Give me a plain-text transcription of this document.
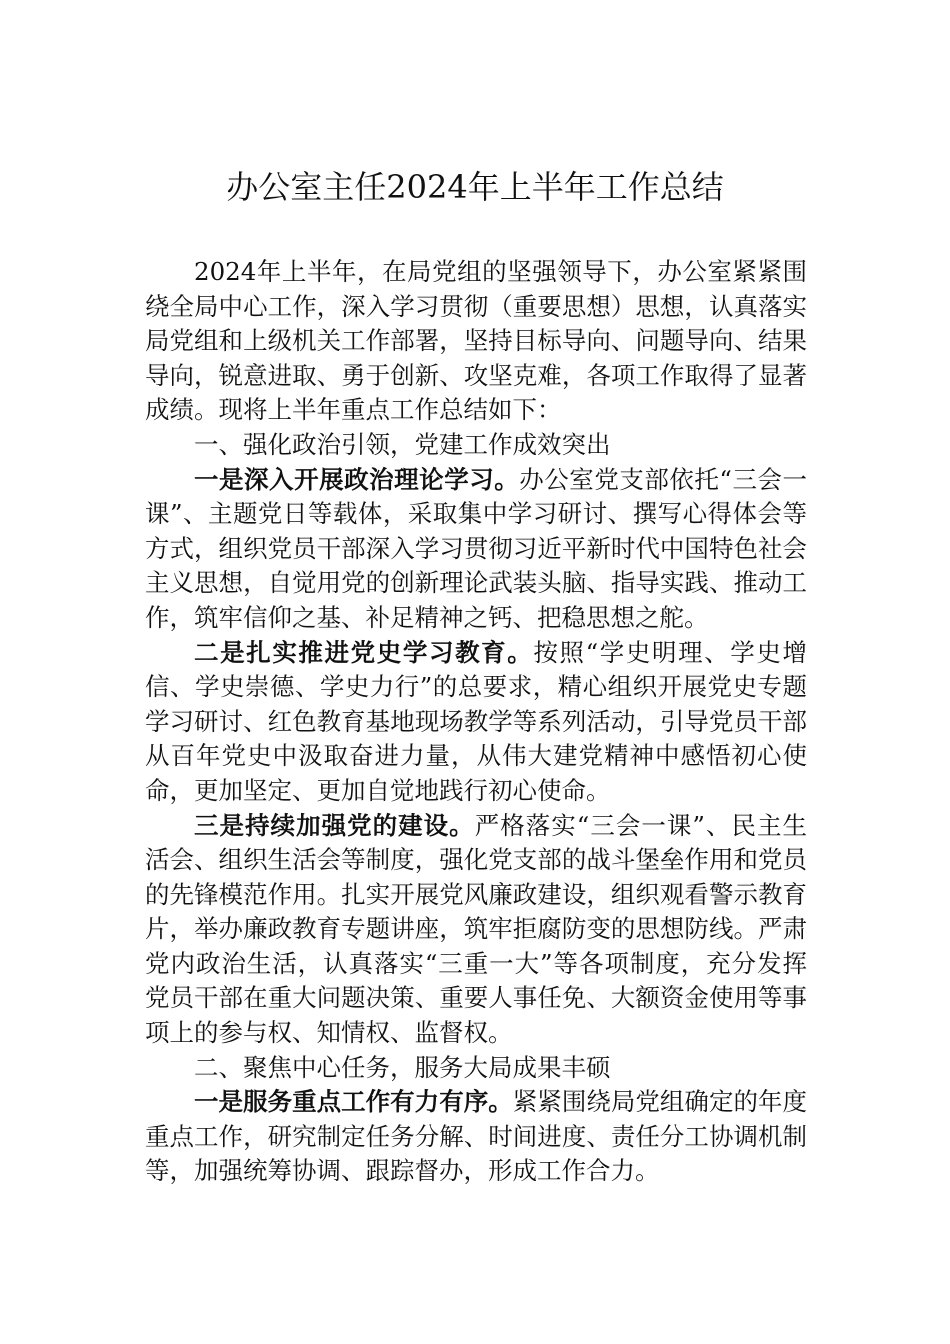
办公室主任2024年上半年工作总结

2024年上半年，在局党组的坚强领导下，办公室紧紧围绕全局中心工作，深入学习贯彻（重要思想）思想，认真落实局党组和上级机关工作部署，坚持目标导向、问题导向、结果导向，锐意进取、勇于创新、攻坚克难，各项工作取得了显著成绩。现将上半年重点工作总结如下：

一、强化政治引领，党建工作成效突出

一是深入开展政治理论学习。办公室党支部依托“三会一课”、主题党日等载体，采取集中学习研讨、撰写心得体会等方式，组织党员干部深入学习贯彻习近平新时代中国特色社会主义思想，自觉用党的创新理论武装头脑、指导实践、推动工作，筑牢信仰之基、补足精神之钙、把稳思想之舵。

二是扎实推进党史学习教育。按照“学史明理、学史增信、学史崇德、学史力行”的总要求，精心组织开展党史专题学习研讨、红色教育基地现场教学等系列活动，引导党员干部从百年党史中汲取奋进力量，从伟大建党精神中感悟初心使命，更加坚定、更加自觉地践行初心使命。

三是持续加强党的建设。严格落实“三会一课”、民主生活会、组织生活会等制度，强化党支部的战斗堡垒作用和党员的先锋模范作用。扎实开展党风廉政建设，组织观看警示教育片，举办廉政教育专题讲座，筑牢拒腐防变的思想防线。严肃党内政治生活，认真落实“三重一大”等各项制度，充分发挥党员干部在重大问题决策、重要人事任免、大额资金使用等事项上的参与权、知情权、监督权。

二、聚焦中心任务，服务大局成果丰硕

一是服务重点工作有力有序。紧紧围绕局党组确定的年度重点工作，研究制定任务分解、时间进度、责任分工协调机制等，加强统筹协调、跟踪督办，形成工作合力。
